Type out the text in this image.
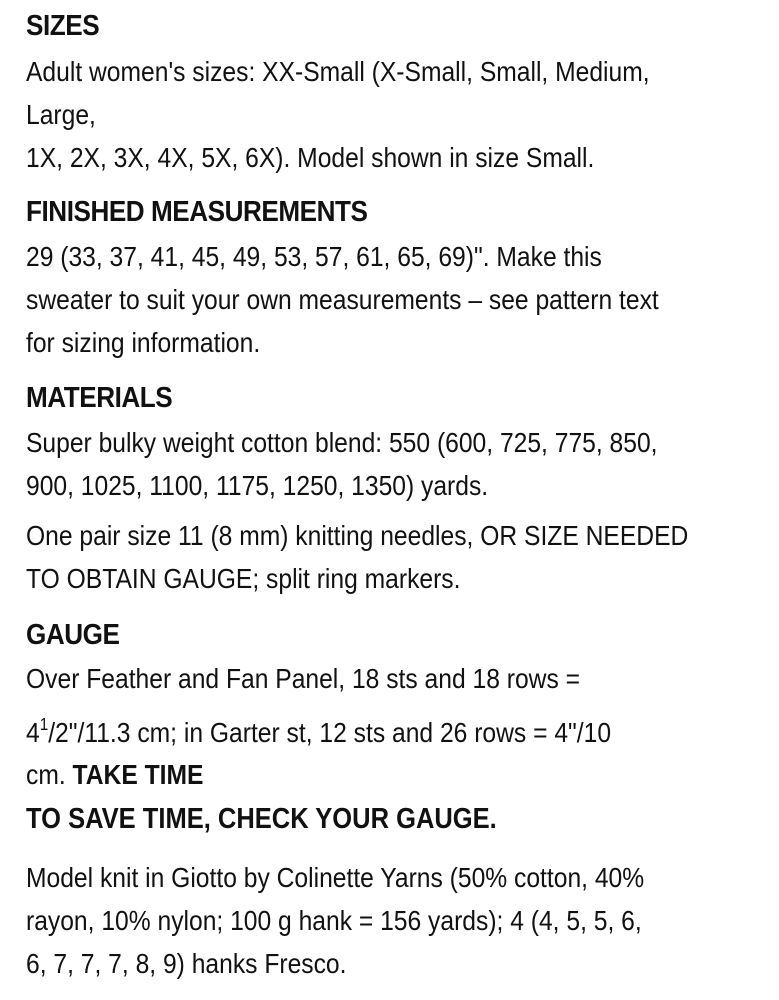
SIZES
Adult women's sizes: XX-Small (X-Small, Small, Medium,
Large,
1X, 2X, 3X, 4X, 5X, 6X). Model shown in size Small.
FINISHED MEASUREMENTS
29 (33, 37, 41, 45, 49, 53, 57, 61, 65, 69)". Make this
sweater to suit your own measurements – see pattern text
for sizing information.
MATERIALS
Super bulky weight cotton blend: 550 (600, 725, 775, 850,
900, 1025, 1100, 1175, 1250, 1350) yards.
One pair size 11 (8 mm) knitting needles, OR SIZE NEEDED
TO OBTAIN GAUGE; split ring markers.
GAUGE
Over Feather and Fan Panel, 18 sts and 18 rows =
$4^1/2"/11.3$ cm; in Garter st, 12 sts and 26 rows = 4"/10
cm. TAKE TIME
TO SAVE TIME, CHECK YOUR GAUGE.
Model knit in Giotto by Colinette Yarns (50% cotton, 40%
rayon, 10% nylon; 100 g hank = 156 yards); 4 (4, 5, 5, 6,
6, 7, 7, 7, 8, 9) hanks Fresco.
